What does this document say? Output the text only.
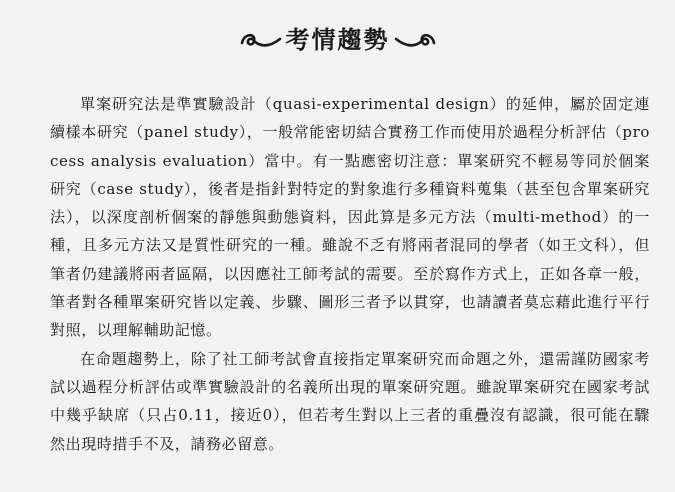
考情趨勢

單案研究法是準實驗設計（quasi-experimental design）的延伸，屬於固定連續樣本研究（panel study），一般常能密切結合實務工作而使用於過程分析評估（process analysis evaluation）當中。有一點應密切注意：單案研究不輕易等同於個案研究（case study），後者是指針對特定的對象進行多種資料蒐集（甚至包含單案研究法），以深度剖析個案的靜態與動態資料，因此算是多元方法（multi-method）的一種，且多元方法又是質性研究的一種。雖說不乏有將兩者混同的學者（如王文科），但筆者仍建議將兩者區隔，以因應社工師考試的需要。至於寫作方式上，正如各章一般，筆者對各種單案研究皆以定義、步驟、圖形三者予以貫穿，也請讀者莫忘藉此進行平行對照，以理解輔助記憶。

在命題趨勢上，除了社工師考試會直接指定單案研究而命題之外，還需謹防國家考試以過程分析評估或準實驗設計的名義所出現的單案研究題。雖說單案研究在國家考試中幾乎缺席（只占0.11，接近0），但若考生對以上三者的重疊沒有認識，很可能在驟然出現時措手不及，請務必留意。
